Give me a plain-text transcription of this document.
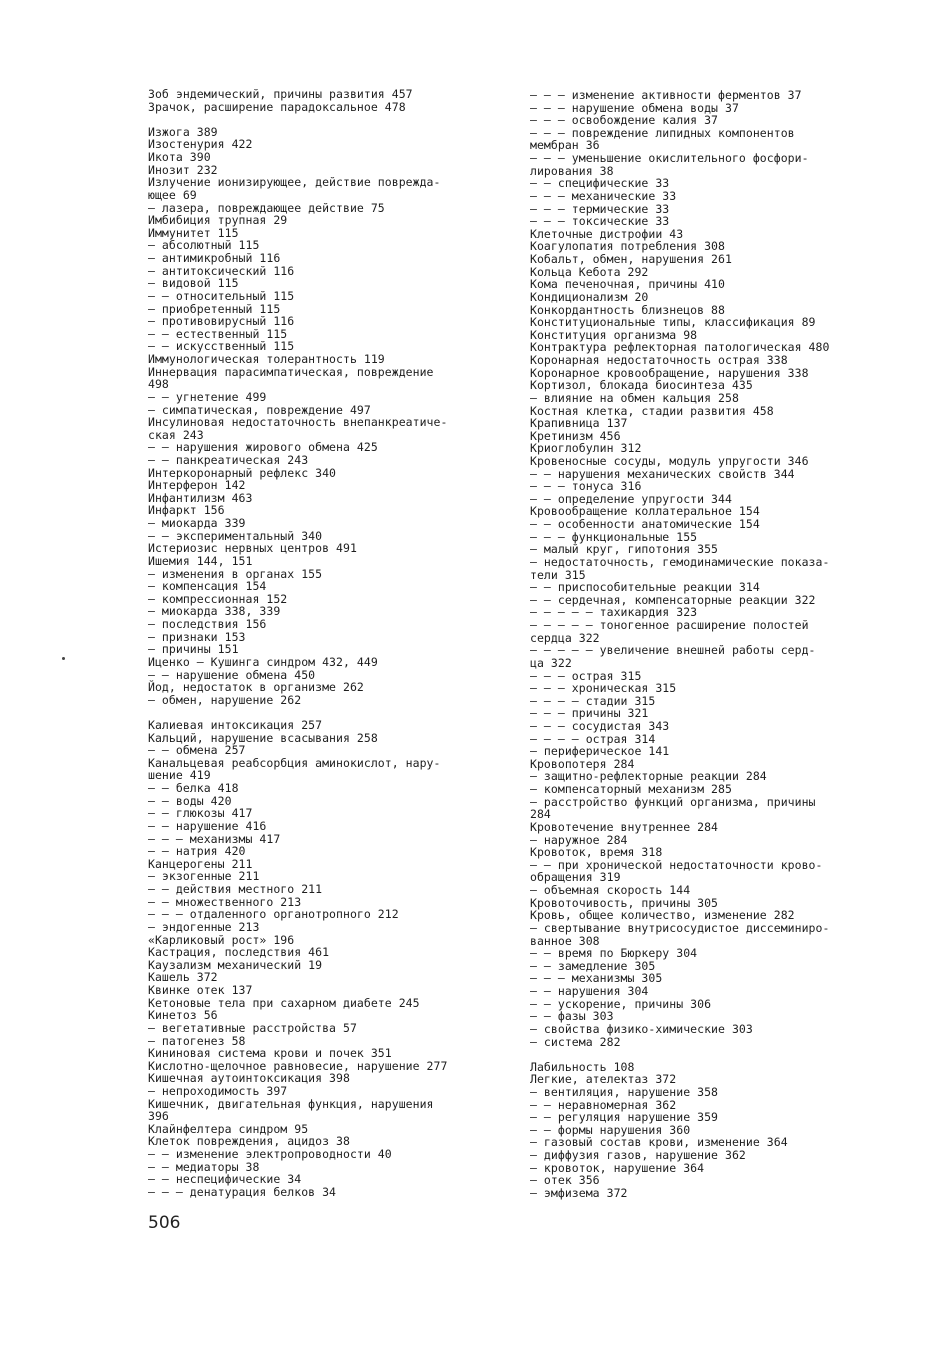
Зоб эндемический, причины развития 457
Зрачок, расширение парадоксальное 478
Изжога 389
Изостенурия 422
Икота 390
Инозит 232
Излучение ионизирующее, действие поврежда-
ющее 69
— лазера, повреждающее действие 75
Имбибиция трупная 29
Иммунитет 115
— абсолютный 115
— антимикробный 116
— антитоксический 116
— видовой 115
— — относительный 115
— приобретенный 115
— противовирусный 116
— — естественный 115
— — искусственный 115
Иммунологическая толерантность 119
Иннервация парасимпатическая, повреждение
498
— — угнетение 499
— симпатическая, повреждение 497
Инсулиновая недостаточность внепанкреатиче-
ская 243
— — нарушения жирового обмена 425
— — панкреатическая 243
Интеркоронарный рефлекс 340
Интерферон 142
Инфантилизм 463
Инфаркт 156
— миокарда 339
— — экспериментальный 340
Истериозис нервных центров 491
Ишемия 144, 151
— изменения в органах 155
— компенсация 154
— компрессионная 152
— миокарда 338, 339
— последствия 156
— признаки 153
— причины 151
Иценко — Кушинга синдром 432, 449
— — нарушение обмена 450
Йод, недостаток в организме 262
— обмен, нарушение 262
Калиевая интоксикация 257
Кальций, нарушение всасывания 258
— — обмена 257
Канальцевая реабсорбция аминокислот, нару-
шение 419
— — белка 418
— — воды 420
— — глюкозы 417
— — нарушение 416
— — — механизмы 417
— — натрия 420
Канцерогены 211
— экзогенные 211
— — действия местного 211
— — множественного 213
— — — отдаленного органотропного 212
— эндогенные 213
«Карликовый рост» 196
Кастрация, последствия 461
Каузализм механический 19
Кашель 372
Квинке отек 137
Кетоновые тела при сахарном диабете 245
Кинетоз 56
— вегетативные расстройства 57
— патогенез 58
Кининовая система крови и почек 351
Кислотно-щелочное равновесие, нарушение 277
Кишечная аутоинтоксикация 398
— непроходимость 397
Кишечник, двигательная функция, нарушения
396
Клайнфелтера синдром 95
Клеток повреждения, ацидоз 38
— — изменение электропроводности 40
— — медиаторы 38
— — неспецифические 34
— — — денатурация белков 34
— — — изменение активности ферментов 37
— — — нарушение обмена воды 37
— — — освобождение калия 37
— — — повреждение липидных компонентов
мембран 36
— — — уменьшение окислительного фосфори-
лирования 38
— — специфические 33
— — — механические 33
— — — термические 33
— — — токсические 33
Клеточные дистрофии 43
Коагулопатия потребления 308
Кобальт, обмен, нарушения 261
Кольца Кебота 292
Кома печеночная, причины 410
Кондиционализм 20
Конкордантность близнецов 88
Конституциональные типы, классификация 89
Конституция организма 98
Контрактура рефлекторная патологическая 480
Коронарная недостаточность острая 338
Коронарное кровообращение, нарушения 338
Кортизол, блокада биосинтеза 435
— влияние на обмен кальция 258
Костная клетка, стадии развития 458
Крапивница 137
Кретинизм 456
Криоглобулин 312
Кровеносные сосуды, модуль упругости 346
— — нарушения механических свойств 344
— — — тонуса 316
— — определение упругости 344
Кровообращение коллатеральное 154
— — особенности анатомические 154
— — — функциональные 155
— малый круг, гипотония 355
— недостаточность, гемодинамические показа-
тели 315
— — приспособительные реакции 314
— — сердечная, компенсаторные реакции 322
— — — — — тахикардия 323
— — — — — тоногенное расширение полостей
сердца 322
— — — — — увеличение внешней работы серд-
ца 322
— — — острая 315
— — — хроническая 315
— — — — стадии 315
— — — причины 321
— — — сосудистая 343
— — — — острая 314
— периферическое 141
Кровопотеря 284
— защитно-рефлекторные реакции 284
— компенсаторный механизм 285
— расстройство функций организма, причины
284
Кровотечение внутреннее 284
— наружное 284
Кровоток, время 318
— — при хронической недостаточности крово-
обращения 319
— объемная скорость 144
Кровоточивость, причины 305
Кровь, общее количество, изменение 282
— свертывание внутрисосудистое диссеминиро-
ванное 308
— — время по Бюркеру 304
— — замедление 305
— — — механизмы 305
— — нарушения 304
— — ускорение, причины 306
— — фазы 303
— свойства физико-химические 303
— система 282
Лабильность 108
Легкие, ателектаз 372
— вентиляция, нарушение 358
— — неравномерная 362
— — регуляция нарушение 359
— — формы нарушения 360
— газовый состав крови, изменение 364
— диффузия газов, нарушение 362
— кровоток, нарушение 364
— отек 356
— эмфизема 372
506
